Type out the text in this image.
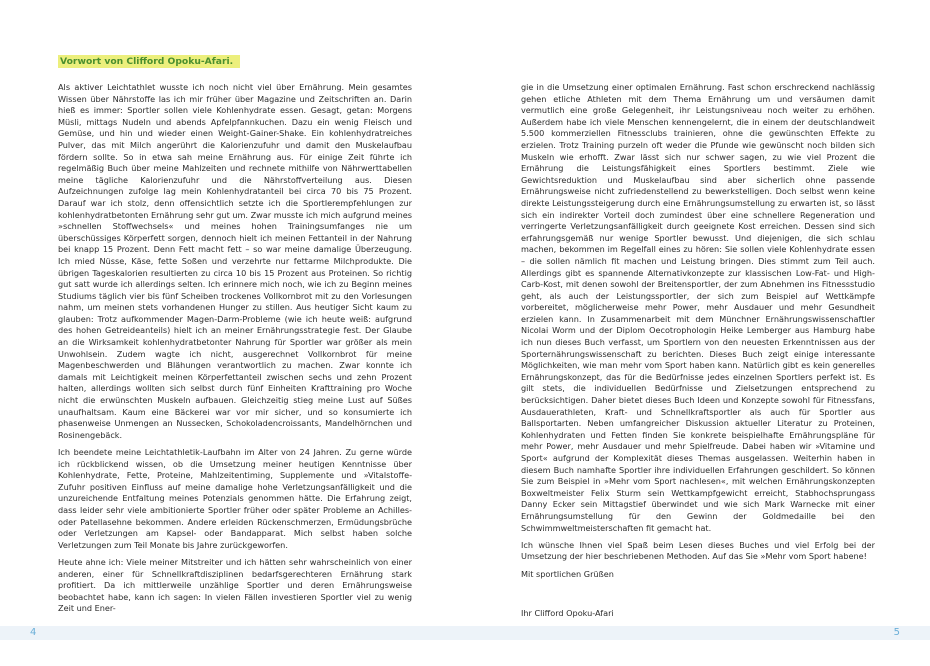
Vorwort von Clifford Opoku-Afari.

Als aktiver Leichtathlet wusste ich noch nicht viel über Ernährung. Mein gesamtes Wissen über Nährstoffe las ich mir früher über Magazine und Zeitschriften an. Darin hieß es immer: Sportler sollen viele Kohlenhydrate essen. Gesagt, getan: Morgens Müsli, mittags Nudeln und abends Apfelpfannkuchen. Dazu ein wenig Fleisch und Gemüse, und hin und wieder einen Weight-Gainer-Shake. Ein kohlenhydratreiches Pulver, das mit Milch angerührt die Kalorienzufuhr und damit den Muskelaufbau fördern sollte. So in etwa sah meine Ernährung aus. Für einige Zeit führte ich regelmäßig Buch über meine Mahlzeiten und rechnete mithilfe von Nährwerttabellen meine tägliche Kalorienzufuhr und die Nährstoffverteilung aus. Diesen Aufzeichnungen zufolge lag mein Kohlenhydratanteil bei circa 70 bis 75 Prozent. Darauf war ich stolz, denn offensichtlich setzte ich die Sportlerempfehlungen zur kohlenhydratbetonten Ernährung sehr gut um. Zwar musste ich mich aufgrund meines »schnellen Stoffwechsels« und meines hohen Trainingsumfanges nie um überschüssiges Körperfett sorgen, dennoch hielt ich meinen Fettanteil in der Nahrung bei knapp 15 Prozent. Denn Fett macht fett – so war meine damalige Überzeugung. Ich mied Nüsse, Käse, fette Soßen und verzehrte nur fettarme Milchprodukte. Die übrigen Tageskalorien resultierten zu circa 10 bis 15 Prozent aus Proteinen. So richtig gut satt wurde ich allerdings selten. Ich erinnere mich noch, wie ich zu Beginn meines Studiums täglich vier bis fünf Scheiben trockenes Vollkornbrot mit zu den Vorlesungen nahm, um meinen stets vorhandenen Hunger zu stillen. Aus heutiger Sicht kaum zu glauben: Trotz aufkommender Magen-Darm-Probleme (wie ich heute weiß: aufgrund des hohen Getreideanteils) hielt ich an meiner Ernährungsstrategie fest. Der Glaube an die Wirksamkeit kohlenhydratbetonter Nahrung für Sportler war größer als mein Unwohlsein. Zudem wagte ich nicht, ausgerechnet Vollkornbrot für meine Magenbeschwerden und Blähungen verantwortlich zu machen. Zwar konnte ich damals mit Leichtigkeit meinen Körperfettanteil zwischen sechs und zehn Prozent halten, allerdings wollten sich selbst durch fünf Einheiten Krafttraining pro Woche nicht die erwünschten Muskeln aufbauen. Gleichzeitig stieg meine Lust auf Süßes unaufhaltsam. Kaum eine Bäckerei war vor mir sicher, und so konsumierte ich phasenweise Unmengen an Nussecken, Schokoladencroissants, Mandelhörnchen und Rosinengebäck.

Ich beendete meine Leichtathletik-Laufbahn im Alter von 24 Jahren. Zu gerne würde ich rückblickend wissen, ob die Umsetzung meiner heutigen Kenntnisse über Kohlenhydrate, Fette, Proteine, Mahlzeitentiming, Supplemente und »Vitalstoffe-Zufuhr positiven Einfluss auf meine damalige hohe Verletzungsanfälligkeit und die unzureichende Entfaltung meines Potenzials genommen hätte. Die Erfahrung zeigt, dass leider sehr viele ambitionierte Sportler früher oder später Probleme an Achilles- oder Patellasehne bekommen. Andere erleiden Rückenschmerzen, Ermüdungsbrüche oder Verletzungen am Kapsel- oder Bandapparat. Mich selbst haben solche Verletzungen zum Teil Monate bis Jahre zurückgeworfen.

Heute ahne ich: Viele meiner Mitstreiter und ich hätten sehr wahrscheinlich von einer anderen, einer für Schnellkraftdisziplinen bedarfsgerechteren Ernährung stark profitiert. Da ich mittlerweile unzählige Sportler und deren Ernährungsweise beobachtet habe, kann ich sagen: In vielen Fällen investieren Sportler viel zu wenig Zeit und Ener-

4

gie in die Umsetzung einer optimalen Ernährung. Fast schon erschreckend nachlässig gehen etliche Athleten mit dem Thema Ernährung um und versäumen damit vermutlich eine große Gelegenheit, ihr Leistungsniveau noch weiter zu erhöhen. Außerdem habe ich viele Menschen kennengelernt, die in einem der deutschlandweit 5.500 kommerziellen Fitnessclubs trainieren, ohne die gewünschten Effekte zu erzielen. Trotz Training purzeln oft weder die Pfunde wie gewünscht noch bilden sich Muskeln wie erhofft. Zwar lässt sich nur schwer sagen, zu wie viel Prozent die Ernährung die Leistungsfähigkeit eines Sportlers bestimmt. Ziele wie Gewichtsreduktion und Muskelaufbau sind aber sicherlich ohne passende Ernährungsweise nicht zufriedenstellend zu bewerkstelligen. Doch selbst wenn keine direkte Leistungssteigerung durch eine Ernährungsumstellung zu erwarten ist, so lässt sich ein indirekter Vorteil doch zumindest über eine schnellere Regeneration und verringerte Verletzungsanfälligkeit durch geeignete Kost erreichen. Dessen sind sich erfahrungsgemäß nur wenige Sportler bewusst. Und diejenigen, die sich schlau machen, bekommen im Regelfall eines zu hören: Sie sollen viele Kohlenhydrate essen – die sollen nämlich fit machen und Leistung bringen. Dies stimmt zum Teil auch. Allerdings gibt es spannende Alternativkonzepte zur klassischen Low-Fat- und High-Carb-Kost, mit denen sowohl der Breitensportler, der zum Abnehmen ins Fitnessstudio geht, als auch der Leistungssportler, der sich zum Beispiel auf Wettkämpfe vorbereitet, möglicherweise mehr Power, mehr Ausdauer und mehr Gesundheit erzielen kann. In Zusammenarbeit mit dem Münchner Ernährungswissenschaftler Nicolai Worm und der Diplom Oecotrophologin Heike Lemberger aus Hamburg habe ich nun dieses Buch verfasst, um Sportlern von den neuesten Erkenntnissen aus der Sporternährungswissenschaft zu berichten. Dieses Buch zeigt einige interessante Möglichkeiten, wie man mehr vom Sport haben kann. Natürlich gibt es kein generelles Ernährungskonzept, das für die Bedürfnisse jedes einzelnen Sportlers perfekt ist. Es gilt stets, die individuellen Bedürfnisse und Zielsetzungen entsprechend zu berücksichtigen. Daher bietet dieses Buch Ideen und Konzepte sowohl für Fitnessfans, Ausdauerathleten, Kraft- und Schnellkraftsportler als auch für Sportler aus Ballsportarten. Neben umfangreicher Diskussion aktueller Literatur zu Proteinen, Kohlenhydraten und Fetten finden Sie konkrete beispielhafte Ernährungspläne für mehr Power, mehr Ausdauer und mehr Spielfreude. Dabei haben wir »Vitamine und Sport« aufgrund der Komplexität dieses Themas ausgelassen. Weiterhin haben in diesem Buch namhafte Sportler ihre individuellen Erfahrungen geschildert. So können Sie zum Beispiel in »Mehr vom Sport nachlesen«, mit welchen Ernährungskonzepten Boxweltmeister Felix Sturm sein Wettkampfgewicht erreicht, Stabhochsprungass Danny Ecker sein Mittagstief überwindet und wie sich Mark Warnecke mit einer Ernährungsumstellung für den Gewinn der Goldmedaille bei den Schwimmweltmeisterschaften fit gemacht hat.

Ich wünsche Ihnen viel Spaß beim Lesen dieses Buches und viel Erfolg bei der Umsetzung der hier beschriebenen Methoden. Auf das Sie »Mehr vom Sport habene!

Mit sportlichen Grüßen

Ihr Clifford Opoku-Afari

5
